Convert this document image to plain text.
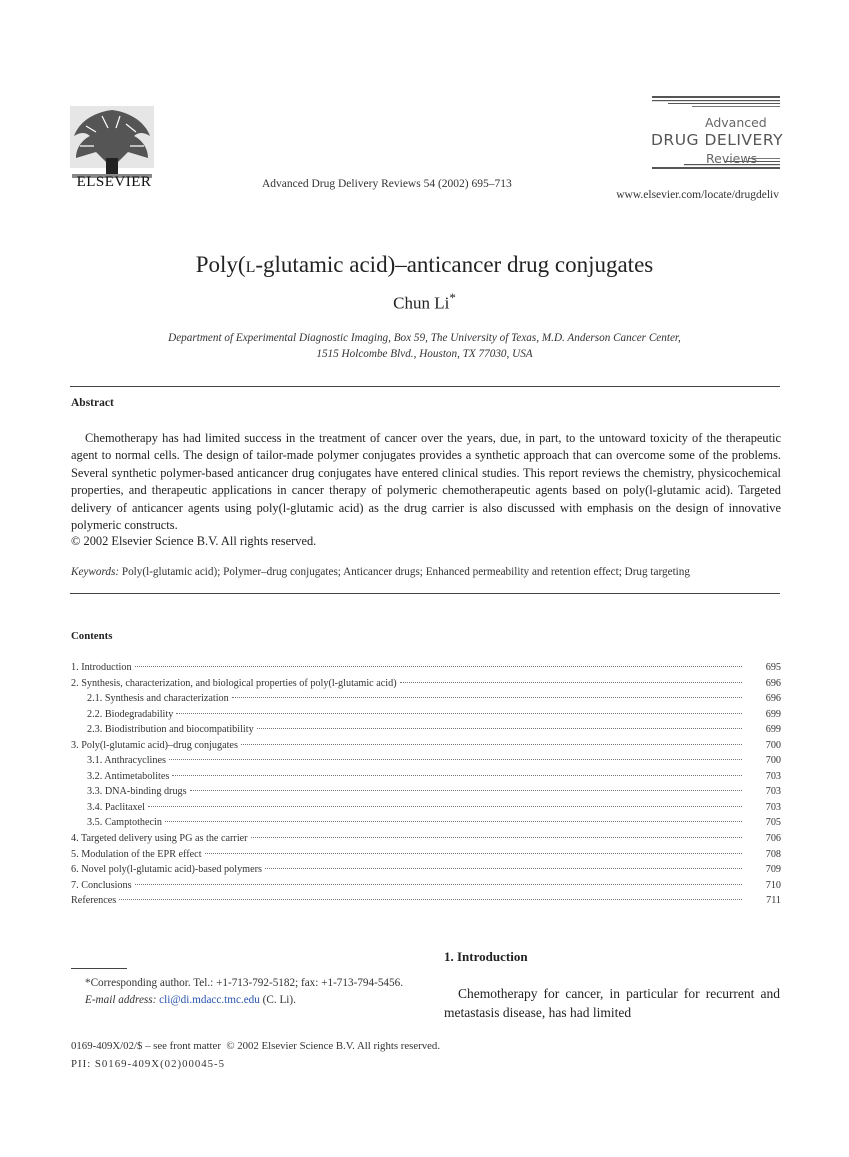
ELSEVIER	Advanced Drug Delivery Reviews 54 (2002) 695–713
Advanced
DRUG DELIVERY
Reviews
www.elsevier.com/locate/drugdeliv
Poly(l-glutamic acid)–anticancer drug conjugates
Chun Li*
Department of Experimental Diagnostic Imaging, Box 59, The University of Texas, M.D. Anderson Cancer Center,
1515 Holcombe Blvd., Houston, TX 77030, USA
Abstract

Chemotherapy has had limited success in the treatment of cancer over the years, due, in part, to the untoward toxicity of the therapeutic agent to normal cells. The design of tailor-made polymer conjugates provides a synthetic approach that can overcome some of the problems. Several synthetic polymer-based anticancer drug conjugates have entered clinical studies. This report reviews the chemistry, physicochemical properties, and therapeutic applications in cancer therapy of polymeric chemotherapeutic agents based on poly(l-glutamic acid). Targeted delivery of anticancer agents using poly(l-glutamic acid) as the drug carrier is also discussed with emphasis on the design of innovative polymeric constructs.

© 2002 Elsevier Science B.V. All rights reserved.
Keywords: Poly(l-glutamic acid); Polymer–drug conjugates; Anticancer drugs; Enhanced permeability and retention effect; Drug targeting
Contents
1. Introduction	695
2. Synthesis, characterization, and biological properties of poly(l-glutamic acid)	696
2.1. Synthesis and characterization	696
2.2. Biodegradability	699
2.3. Biodistribution and biocompatibility	699
3. Poly(l-glutamic acid)–drug conjugates	700
3.1. Anthracyclines	700
3.2. Antimetabolites	703
3.3. DNA-binding drugs	703
3.4. Paclitaxel	703
3.5. Camptothecin	705
4. Targeted delivery using PG as the carrier	706
5. Modulation of the EPR effect	708
6. Novel poly(l-glutamic acid)-based polymers	709
7. Conclusions	710
References	711

*Corresponding author. Tel.: +1-713-792-5182; fax: +1-713-794-5456.

E-mail address: cli@di.mdacc.tmc.edu (C. Li).

1. Introduction

Chemotherapy for cancer, in particular for recurrent and metastasis disease, has had limited

0169-409X/02/$ – see front matter  © 2002 Elsevier Science B.V. All rights reserved.
PII: S0169-409X(02)00045-5
